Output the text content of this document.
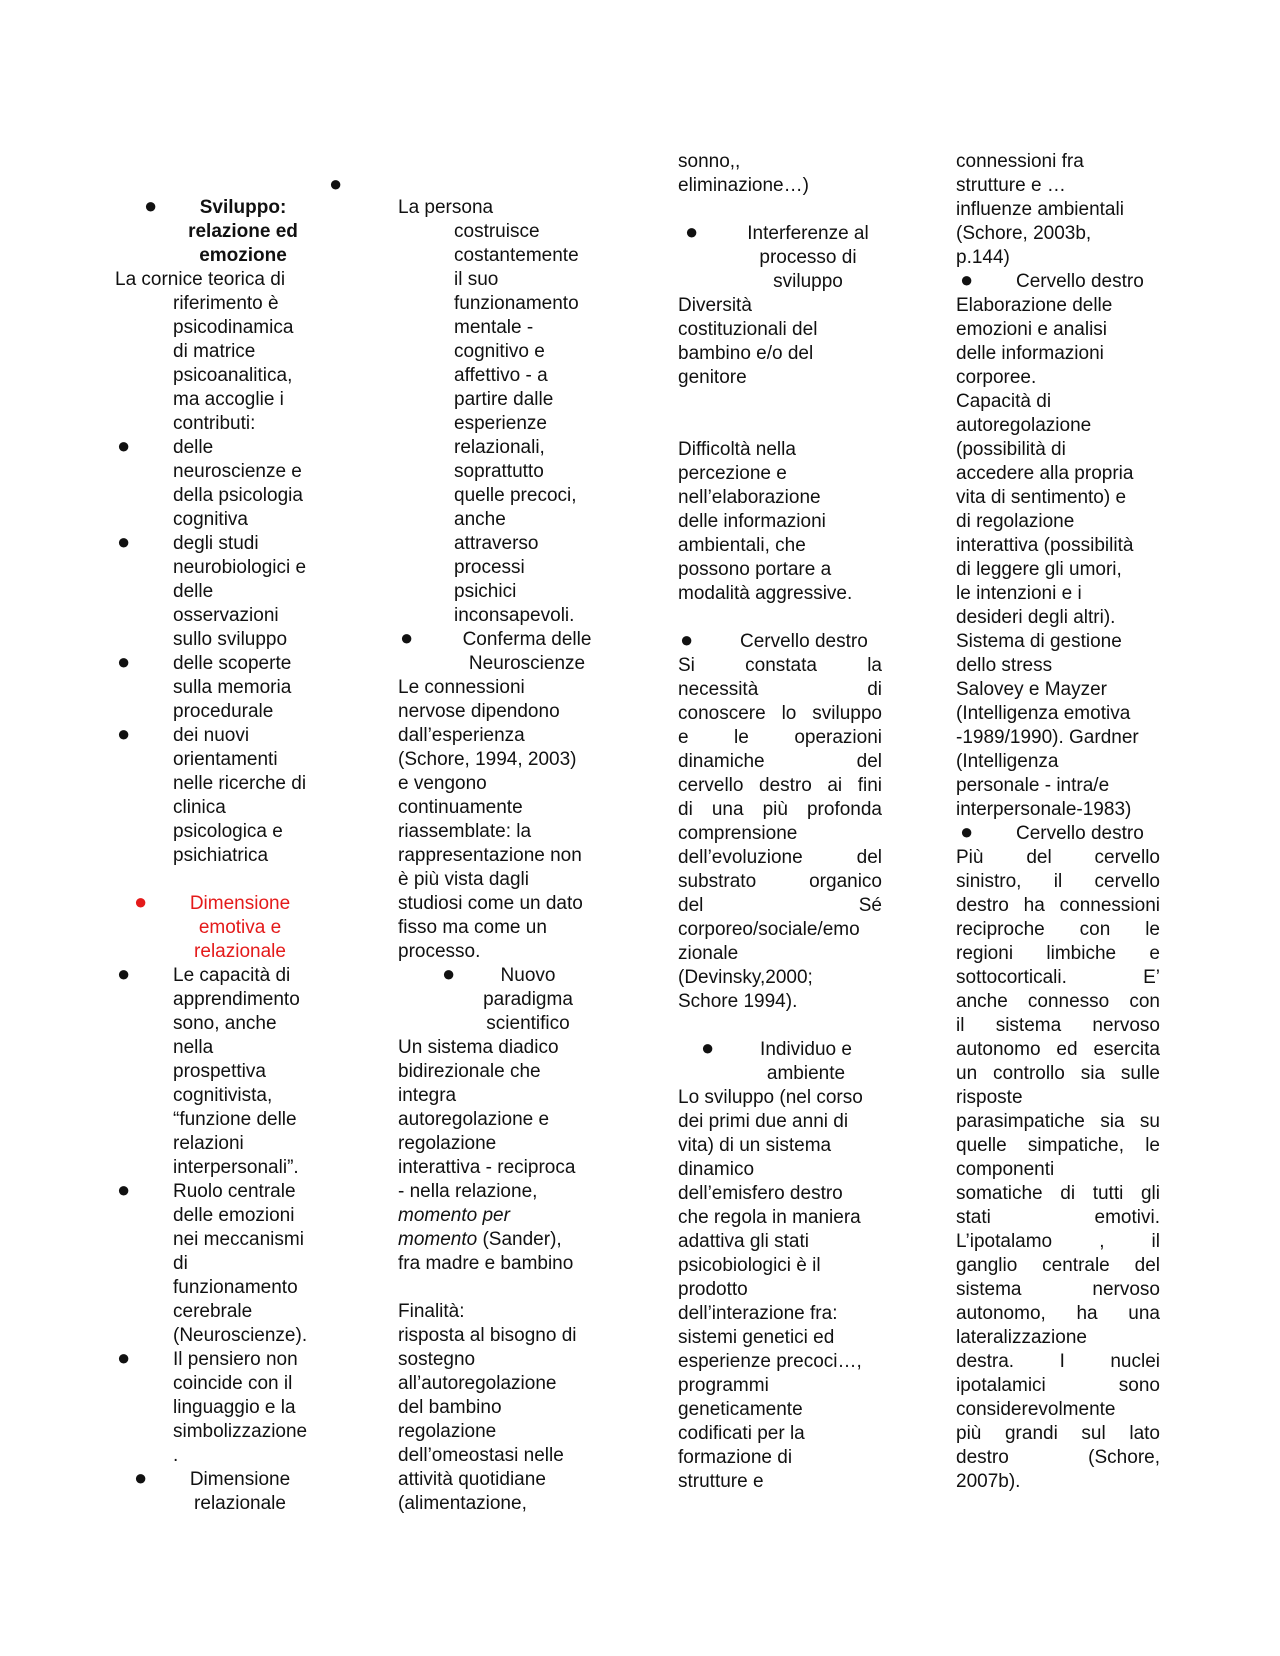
●	Sviluppo:
relazione ed
emozione
La cornice teorica di
riferimento è
psicodinamica
di matrice
psicoanalitica,
ma accoglie i
contributi:
● delle
neuroscienze e
della psicologia
cognitiva
● degli studi
neurobiologici e
delle
osservazioni
sullo sviluppo
● delle scoperte
sulla memoria
procedurale
● dei nuovi
orientamenti
nelle ricerche di
clinica
psicologica e
psichiatrica
● Dimensione
emotiva e
relazionale
● Le capacità di
apprendimento
sono, anche
nella
prospettiva
cognitivista,
“funzione delle
relazioni
interpersonali”.
● Ruolo centrale
delle emozioni
nei meccanismi
di
funzionamento
cerebrale
(Neuroscienze).
● Il pensiero non
coincide con il
linguaggio e la
simbolizzazione
.
● Dimensione
relazionale
●
La persona
costruisce
costantemente
il suo
funzionamento
mentale -
cognitivo e
affettivo - a
partire dalle
esperienze
relazionali,
soprattutto
quelle precoci,
anche
attraverso
processi
psichici
inconsapevoli.
●	Conferma delle
Neuroscienze
Le connessioni
nervose dipendono
dall’esperienza
(Schore, 1994, 2003)
e vengono
continuamente
riassemblate: la
rappresentazione non
è più vista dagli
studiosi come un dato
fisso ma come un
processo.
●	Nuovo
paradigma
scientifico
Un sistema diadico
bidirezionale che
integra
autoregolazione e
regolazione
interattiva - reciproca
- nella relazione,
momento per
momento (Sander),
fra madre e bambino
Finalità:
risposta al bisogno di
sostegno
all’autoregolazione
del bambino
regolazione
dell’omeostasi nelle
attività quotidiane
(alimentazione,
sonno,,
eliminazione…)
●	Interferenze al
processo di
sviluppo
Diversità
costituzionali del
bambino e/o del
genitore
Difficoltà nella
percezione e
nell’elaborazione
delle informazioni
ambientali, che
possono portare a
modalità aggressive.
● Cervello destro
Si constata la
necessità di
conoscere lo sviluppo
e le operazioni
dinamiche del
cervello destro ai fini
di una più profonda
comprensione
dell’evoluzione del
substrato organico
del Sé
corporeo/sociale/emo
zionale
(Devinsky,2000;
Schore 1994).
● Individuo e
ambiente
Lo sviluppo (nel corso
dei primi due anni di
vita) di un sistema
dinamico
dell’emisfero destro
che regola in maniera
adattiva gli stati
psicobiologici è il
prodotto
dell’interazione fra:
sistemi genetici ed
esperienze precoci…,
programmi
geneticamente
codificati per la
formazione di
strutture e
connessioni fra
strutture e …
influenze ambientali
(Schore, 2003b,
p.144)
● Cervello destro
Elaborazione delle
emozioni e analisi
delle informazioni
corporee.
Capacità di
autoregolazione
(possibilità di
accedere alla propria
vita di sentimento) e
di regolazione
interattiva (possibilità
di leggere gli umori,
le intenzioni e i
desideri degli altri).
Sistema di gestione
dello stress
Salovey e Mayzer
(Intelligenza emotiva
-1989/1990). Gardner
(Intelligenza
personale - intra/e
interpersonale-1983)
● Cervello destro
Più del cervello
sinistro, il cervello
destro ha connessioni
reciproche con le
regioni limbiche e
sottocorticali. E’
anche connesso con
il sistema nervoso
autonomo ed esercita
un controllo sia sulle
risposte
parasimpatiche sia su
quelle simpatiche, le
componenti
somatiche di tutti gli
stati emotivi.
L’ipotalamo , il
ganglio centrale del
sistema nervoso
autonomo, ha una
lateralizzazione
destra. I nuclei
ipotalamici sono
considerevolmente
più grandi sul lato
destro (Schore,
2007b).
